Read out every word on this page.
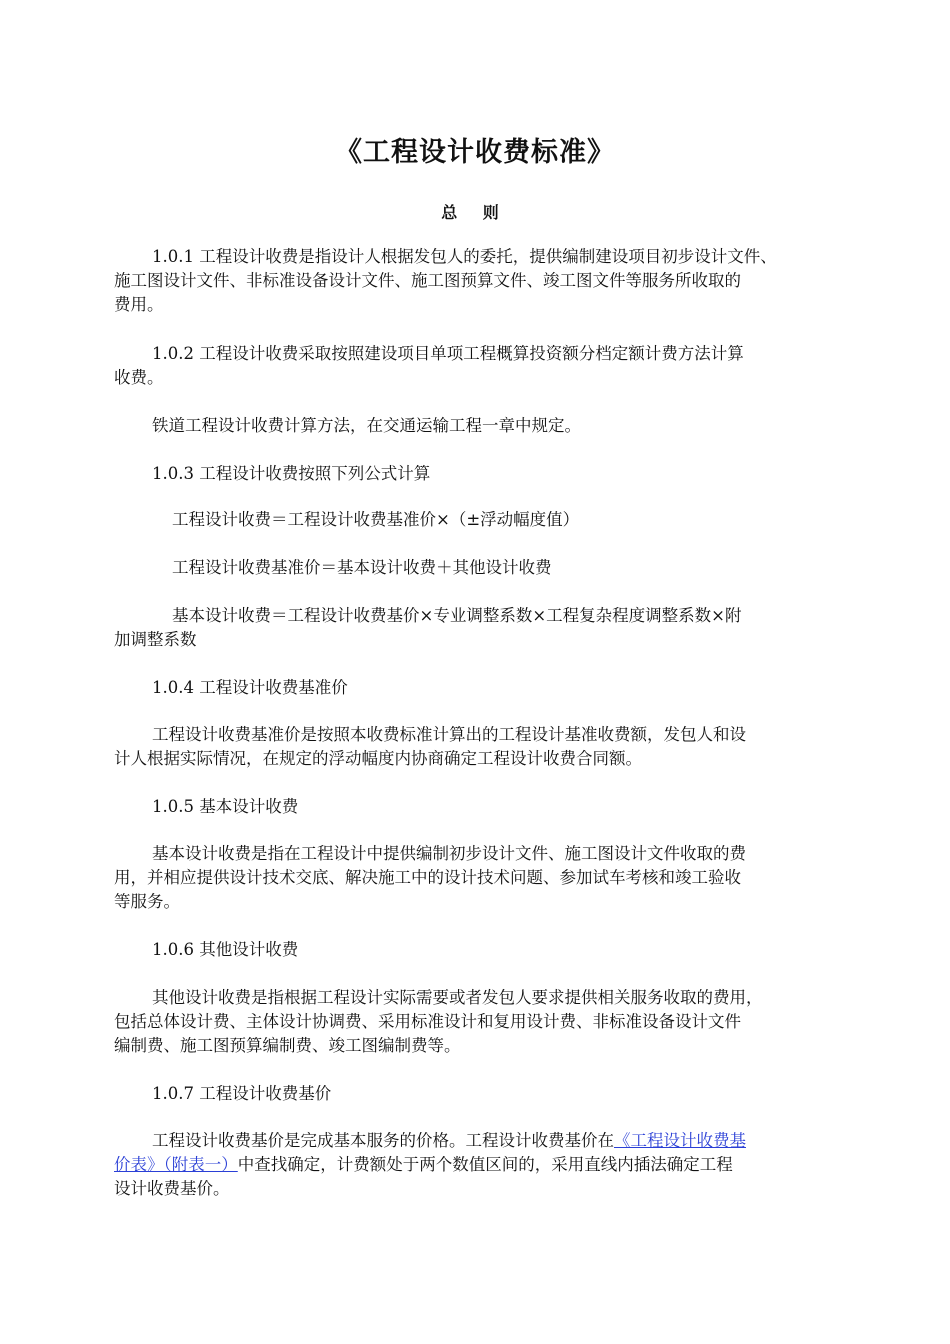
《工程设计收费标准》
总 则
1.0.1 工程设计收费是指设计人根据发包人的委托，提供编制建设项目初步设计文件、
施工图设计文件、非标准设备设计文件、施工图预算文件、竣工图文件等服务所收取的
费用。
1.0.2 工程设计收费采取按照建设项目单项工程概算投资额分档定额计费方法计算
收费。
铁道工程设计收费计算方法，在交通运输工程一章中规定。
1.0.3 工程设计收费按照下列公式计算
工程设计收费＝工程设计收费基准价×（±浮动幅度值）
工程设计收费基准价＝基本设计收费＋其他设计收费
基本设计收费＝工程设计收费基价×专业调整系数×工程复杂程度调整系数×附
加调整系数
1.0.4 工程设计收费基准价
工程设计收费基准价是按照本收费标准计算出的工程设计基准收费额，发包人和设
计人根据实际情况，在规定的浮动幅度内协商确定工程设计收费合同额。
1.0.5 基本设计收费
基本设计收费是指在工程设计中提供编制初步设计文件、施工图设计文件收取的费
用，并相应提供设计技术交底、解决施工中的设计技术问题、参加试车考核和竣工验收
等服务。
1.0.6 其他设计收费
其他设计收费是指根据工程设计实际需要或者发包人要求提供相关服务收取的费用，
包括总体设计费、主体设计协调费、采用标准设计和复用设计费、非标准设备设计文件
编制费、施工图预算编制费、竣工图编制费等。
1.0.7 工程设计收费基价
工程设计收费基价是完成基本服务的价格。工程设计收费基价在《工程设计收费基
价表》（附表一）中查找确定，计费额处于两个数值区间的，采用直线内插法确定工程
设计收费基价。
